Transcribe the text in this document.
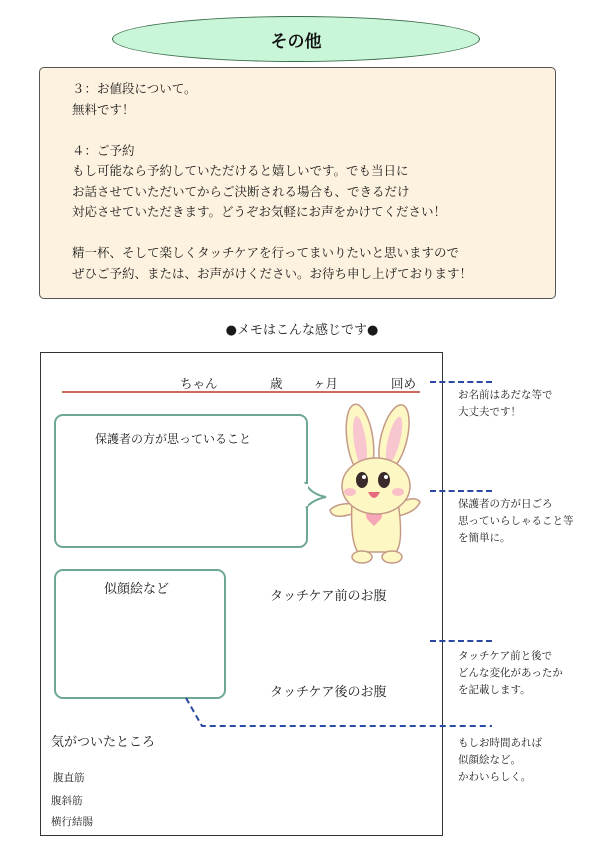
その他
３：お値段について。
無料です！
４：ご予約
もし可能なら予約していただけると嬉しいです。でも当日に
お話させていただいてからご決断される場合も、できるだけ
対応させていただきます。どうぞお気軽にお声をかけてください！
精一杯、そして楽しくタッチケアを行ってまいりたいと思いますので
ぜひご予約、または、お声がけください。お待ち申し上げております！
●メモはこんな感じです●
ちゃん	歳 ヶ月	回め
保護者の方が思っていること
似顔絵など	タッチケア前のお腹
タッチケア後のお腹
気がついたところ
腹直筋
腹斜筋
横行結腸
お名前はあだな等で
大丈夫です！
保護者の方が日ごろ
思っていらしゃること等
を簡単に。
タッチケア前と後で
どんな変化があったか
を記載します。
もしお時間あれば
似顔絵など。
かわいらしく。
